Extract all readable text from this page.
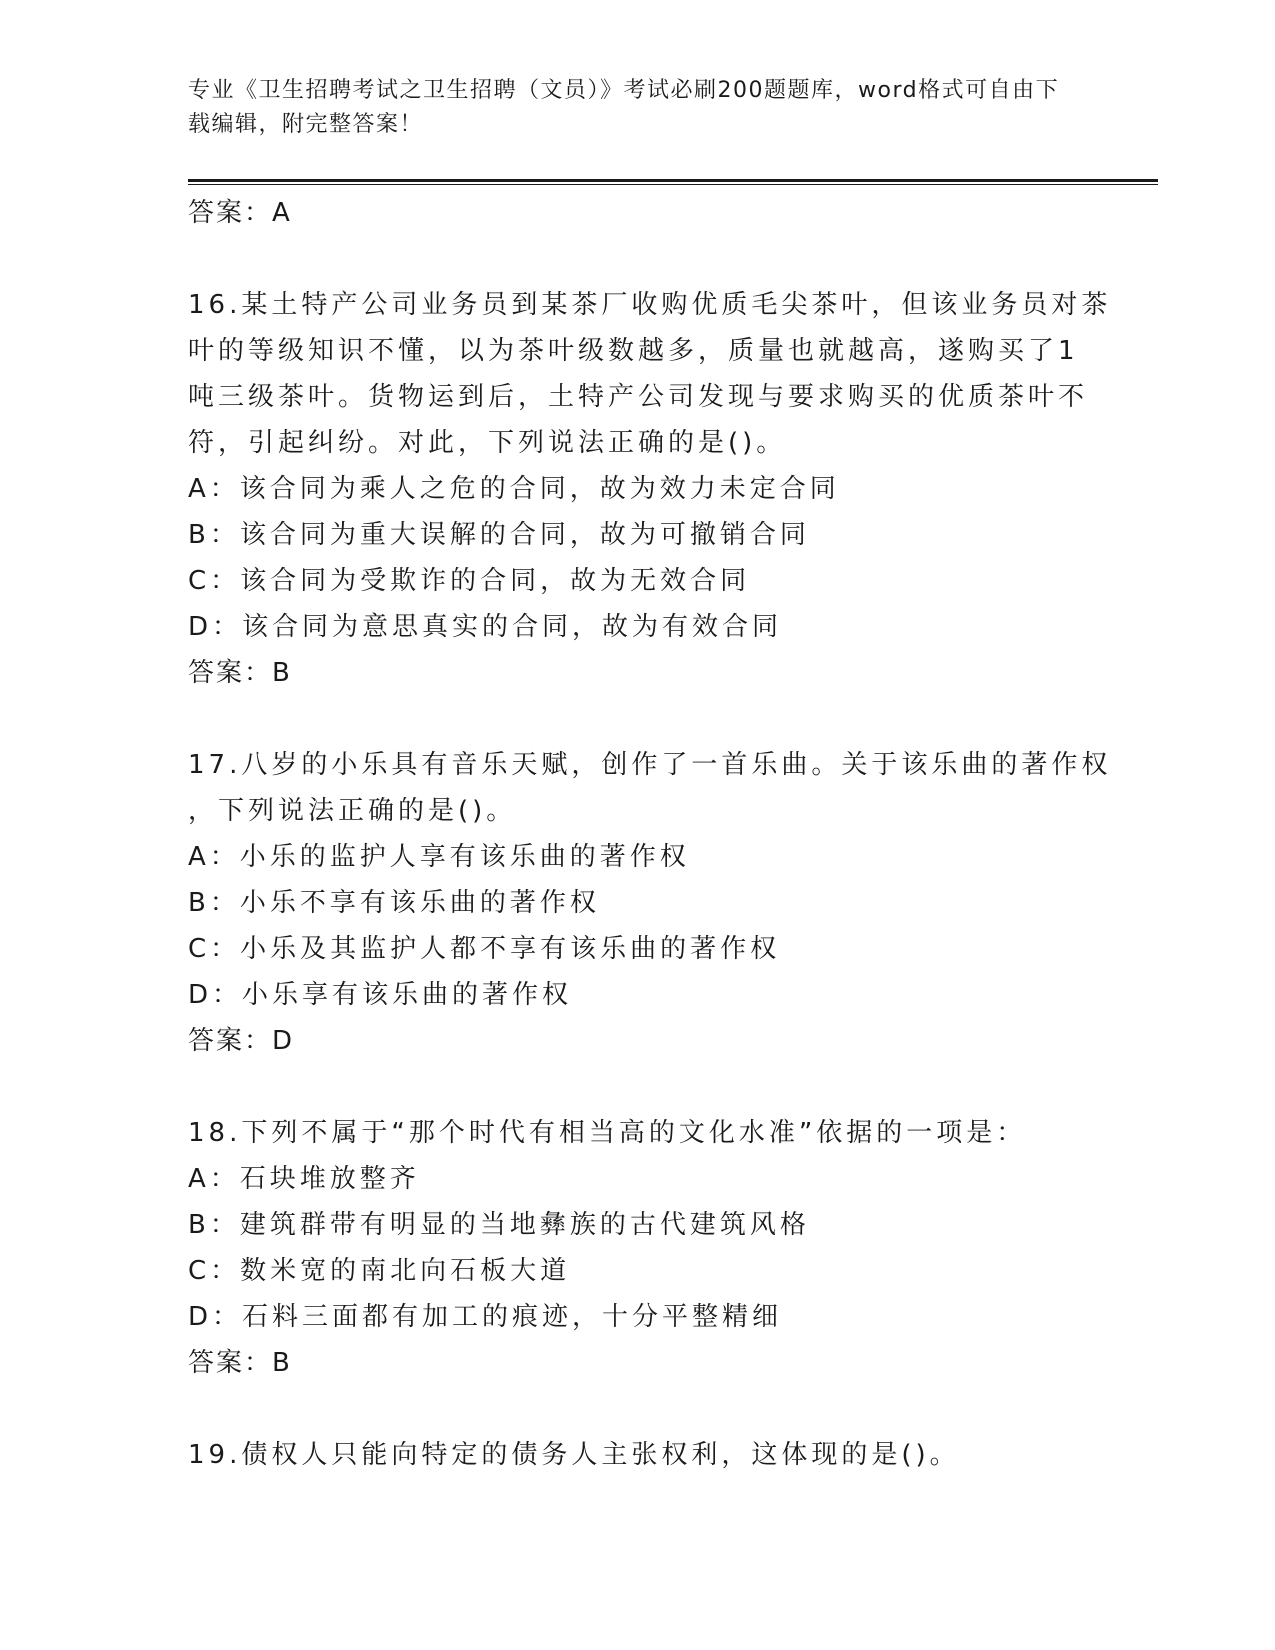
专业《卫生招聘考试之卫生招聘（文员）》考试必刷200题题库，word格式可自由下载编辑，附完整答案！
答案：A
16.某土特产公司业务员到某茶厂收购优质毛尖茶叶，但该业务员对茶
叶的等级知识不懂，以为茶叶级数越多，质量也就越高，遂购买了1
吨三级茶叶。货物运到后，土特产公司发现与要求购买的优质茶叶不
符，引起纠纷。对此，下列说法正确的是()。
A：该合同为乘人之危的合同，故为效力未定合同
B：该合同为重大误解的合同，故为可撤销合同
C：该合同为受欺诈的合同，故为无效合同
D：该合同为意思真实的合同，故为有效合同
答案：B
17.八岁的小乐具有音乐天赋，创作了一首乐曲。关于该乐曲的著作权
，下列说法正确的是()。
A：小乐的监护人享有该乐曲的著作权
B：小乐不享有该乐曲的著作权
C：小乐及其监护人都不享有该乐曲的著作权
D：小乐享有该乐曲的著作权
答案：D
18.下列不属于“那个时代有相当高的文化水准”依据的一项是：
A：石块堆放整齐
B：建筑群带有明显的当地彝族的古代建筑风格
C：数米宽的南北向石板大道
D：石料三面都有加工的痕迹，十分平整精细
答案：B
19.债权人只能向特定的债务人主张权利，这体现的是()。
